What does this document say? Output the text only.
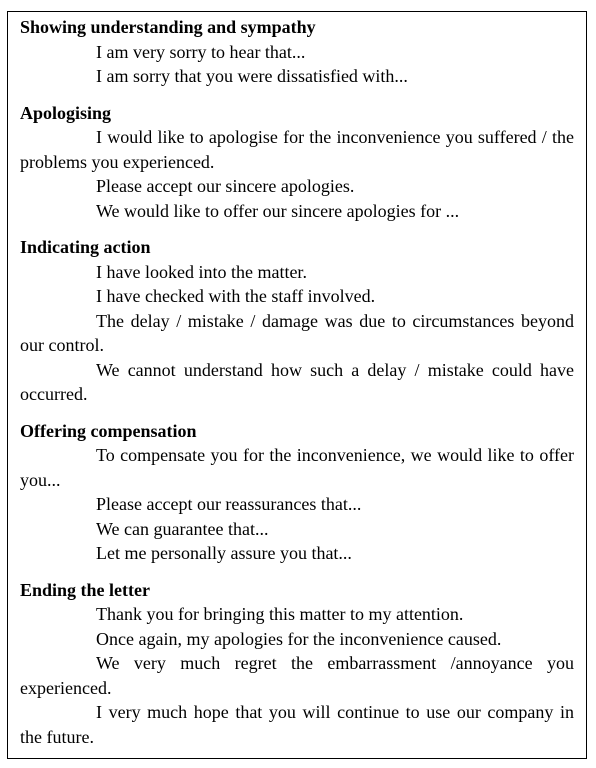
Showing understanding and sympathy

I am very sorry to hear that...

I am sorry that you were dissatisfied with...

Apologising

I would like to apologise for the inconvenience you suffered / the problems you experienced.

Please accept our sincere apologies.

We would like to offer our sincere apologies for ...

Indicating action

I have looked into the matter.

I have checked with the staff involved.

The delay / mistake / damage was due to circumstances beyond our control.

We cannot understand how such a delay / mistake could have occurred.

Offering compensation

To compensate you for the inconvenience, we would like to offer you...

Please accept our reassurances that...

We can guarantee that...

Let me personally assure you that...

Ending the letter

Thank you for bringing this matter to my attention.

Once again, my apologies for the inconvenience caused.

We very much regret the embarrassment /annoyance you experienced.

I very much hope that you will continue to use our company in the future.
